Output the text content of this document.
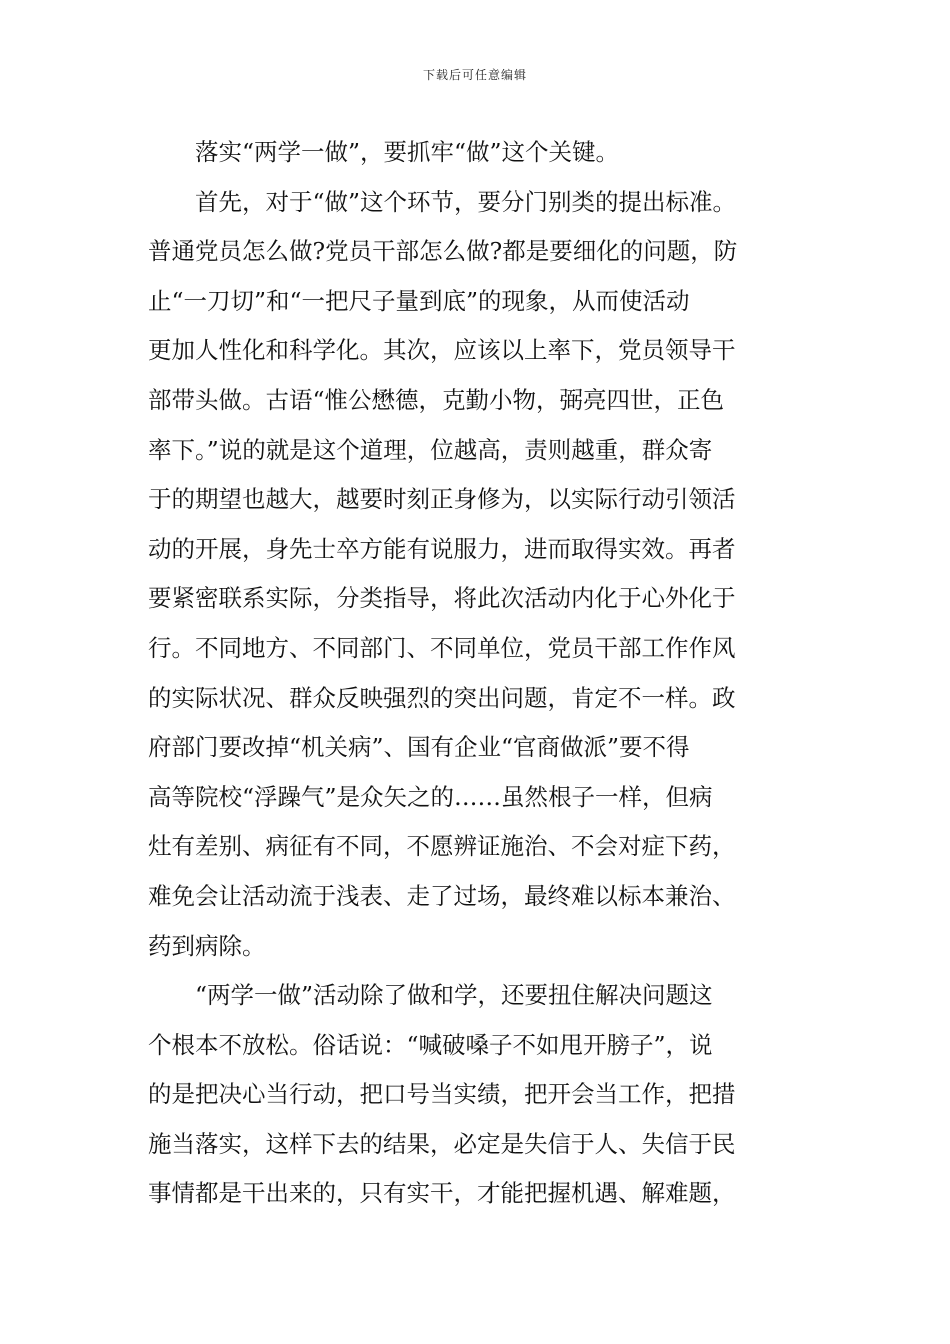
下载后可任意编辑
落实“两学一做”，要抓牢“做”这个关键。
首先，对于“做”这个环节，要分门别类的提出标准。
普通党员怎么做?党员干部怎么做?都是要细化的问题，防
止“一刀切”和“一把尺子量到底”的现象，从而使活动
更加人性化和科学化。其次，应该以上率下，党员领导干
部带头做。古语“惟公懋德，克勤小物，弼亮四世，正色
率下。”说的就是这个道理，位越高，责则越重，群众寄
于的期望也越大，越要时刻正身修为，以实际行动引领活
动的开展，身先士卒方能有说服力，进而取得实效。再者
要紧密联系实际，分类指导，将此次活动内化于心外化于
行。不同地方、不同部门、不同单位，党员干部工作作风
的实际状况、群众反映强烈的突出问题，肯定不一样。政
府部门要改掉“机关病”、国有企业“官商做派”要不得
高等院校“浮躁气”是众矢之的……虽然根子一样，但病
灶有差别、病征有不同，不愿辨证施治、不会对症下药，
难免会让活动流于浅表、走了过场，最终难以标本兼治、
药到病除。
“两学一做”活动除了做和学，还要扭住解决问题这
个根本不放松。俗话说：“喊破嗓子不如甩开膀子”，说
的是把决心当行动，把口号当实绩，把开会当工作，把措
施当落实，这样下去的结果，必定是失信于人、失信于民
事情都是干出来的，只有实干，才能把握机遇、解难题，
